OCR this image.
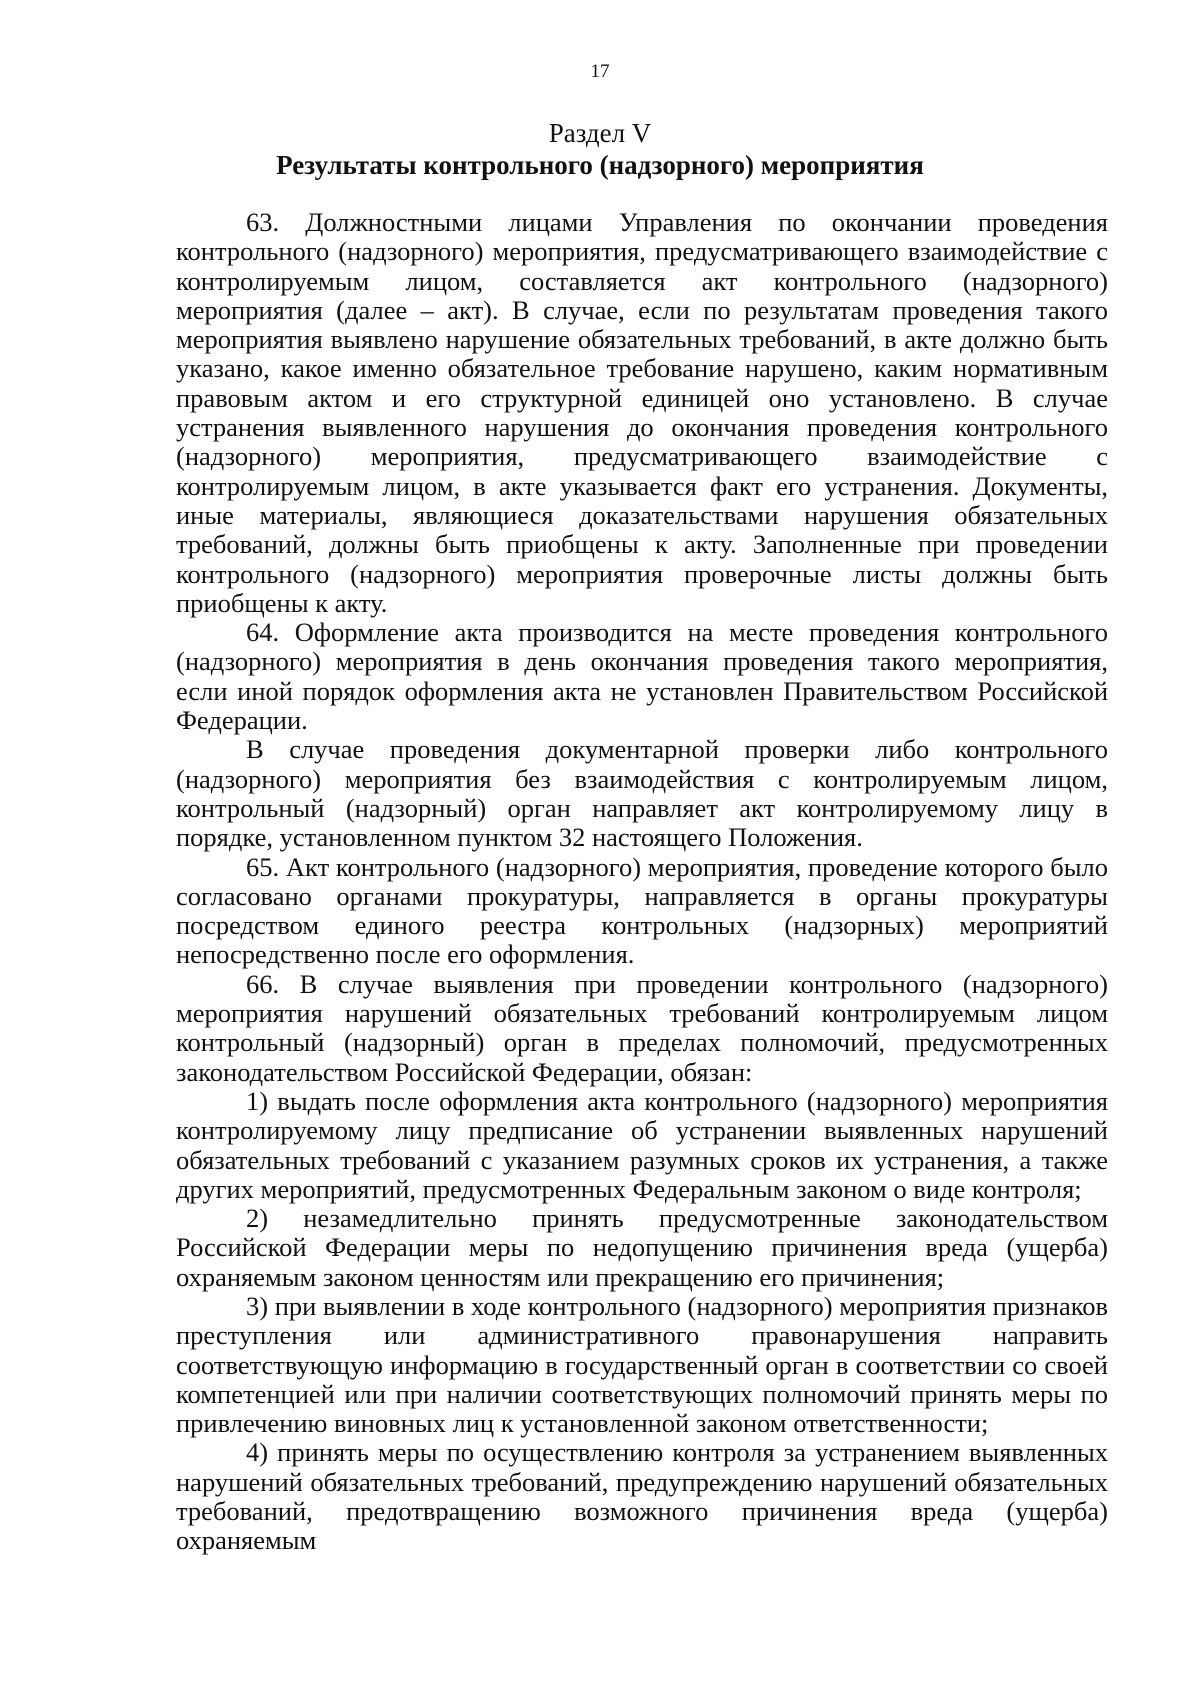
17
Раздел V
Результаты контрольного (надзорного) мероприятия

63. Должностными лицами Управления по окончании проведения контрольного (надзорного) мероприятия, предусматривающего взаимодействие с контролируемым лицом, составляется акт контрольного (надзорного) мероприятия (далее – акт). В случае, если по результатам проведения такого мероприятия выявлено нарушение обязательных требований, в акте должно быть указано, какое именно обязательное требование нарушено, каким нормативным правовым актом и его структурной единицей оно установлено. В случае устранения выявленного нарушения до окончания проведения контрольного (надзорного) мероприятия, предусматривающего взаимодействие с контролируемым лицом, в акте указывается факт его устранения. Документы, иные материалы, являющиеся доказательствами нарушения обязательных требований, должны быть приобщены к акту. Заполненные при проведении контрольного (надзорного) мероприятия проверочные листы должны быть приобщены к акту.

64. Оформление акта производится на месте проведения контрольного (надзорного) мероприятия в день окончания проведения такого мероприятия, если иной порядок оформления акта не установлен Правительством Российской Федерации.

В случае проведения документарной проверки либо контрольного (надзорного) мероприятия без взаимодействия с контролируемым лицом, контрольный (надзорный) орган направляет акт контролируемому лицу в порядке, установленном пунктом 32 настоящего Положения.

65. Акт контрольного (надзорного) мероприятия, проведение которого было согласовано органами прокуратуры, направляется в органы прокуратуры посредством единого реестра контрольных (надзорных) мероприятий непосредственно после его оформления.

66. В случае выявления при проведении контрольного (надзорного) мероприятия нарушений обязательных требований контролируемым лицом контрольный (надзорный) орган в пределах полномочий, предусмотренных законодательством Российской Федерации, обязан:

1) выдать после оформления акта контрольного (надзорного) мероприятия контролируемому лицу предписание об устранении выявленных нарушений обязательных требований с указанием разумных сроков их устранения, а также других мероприятий, предусмотренных Федеральным законом о виде контроля;

2) незамедлительно принять предусмотренные законодательством Российской Федерации меры по недопущению причинения вреда (ущерба) охраняемым законом ценностям или прекращению его причинения;

3) при выявлении в ходе контрольного (надзорного) мероприятия признаков преступления или административного правонарушения направить соответствующую информацию в государственный орган в соответствии со своей компетенцией или при наличии соответствующих полномочий принять меры по привлечению виновных лиц к установленной законом ответственности;

4) принять меры по осуществлению контроля за устранением выявленных нарушений обязательных требований, предупреждению нарушений обязательных требований, предотвращению возможного причинения вреда (ущерба) охраняемым
